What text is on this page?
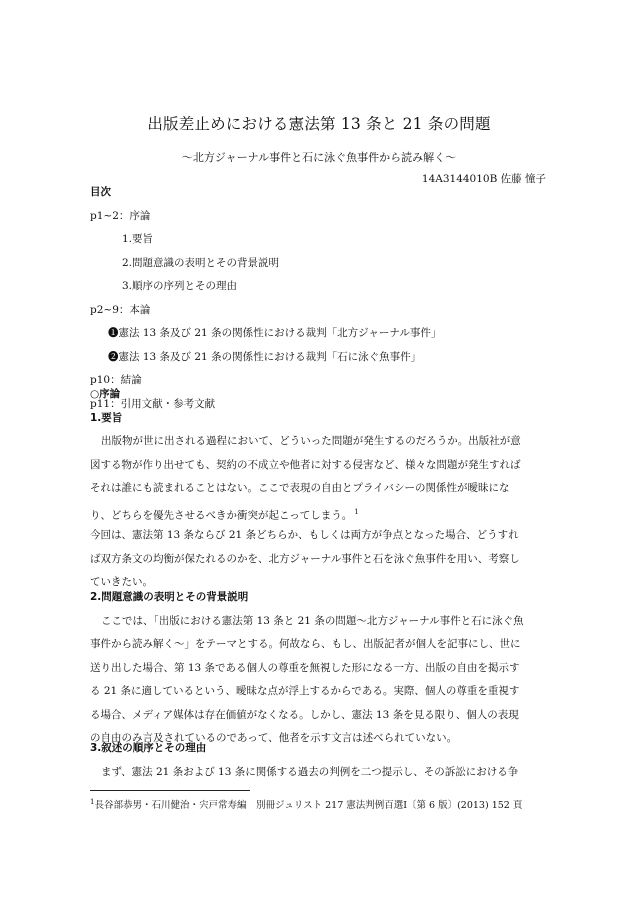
出版差止めにおける憲法第 13 条と 21 条の問題
〜北方ジャーナル事件と石に泳ぐ魚事件から読み解く〜
14A3144010B 佐藤 憧子
目次
p1~2：序論
1.要旨
2.問題意識の表明とその背景説明
3.順序の序列とその理由
p2~9：本論
❶憲法 13 条及び 21 条の関係性における裁判「北方ジャーナル事件」
❷憲法 13 条及び 21 条の関係性における裁判「石に泳ぐ魚事件」
p10：結論
p11：引用文献・参考文献
○序論
1.要旨
出版物が世に出される過程において、どういった問題が発生するのだろうか。出版社が意
図する物が作り出せても、契約の不成立や他者に対する侵害など、様々な問題が発生すれば
それは誰にも読まれることはない。ここで表現の自由とプライバシーの関係性が曖昧にな
り、どちらを優先させるべきか衝突が起こってしまう。 $^1$
今回は、憲法第 13 条ならび 21 条どちらか、もしくは両方が争点となった場合、どうすれ
ば双方条文の均衡が保たれるのかを、北方ジャーナル事件と石を泳ぐ魚事件を用い、考察し
ていきたい。
2.問題意識の表明とその背景説明
ここでは、「出版における憲法第 13 条と 21 条の問題〜北方ジャーナル事件と石に泳ぐ魚
事件から読み解く〜」をテーマとする。何故なら、もし、出版記者が個人を記事にし、世に
送り出した場合、第 13 条である個人の尊重を無視した形になる一方、出版の自由を掲示す
る 21 条に適しているという、曖昧な点が浮上するからである。実際、個人の尊重を重視す
る場合、メディア媒体は存在価値がなくなる。しかし、憲法 13 条を見る限り、個人の表現
の自由のみ言及されているのであって、他者を示す文言は述べられていない。
3.叙述の順序とその理由
まず、憲法 21 条および 13 条に関係する過去の判例を二つ提示し、その訴訟における争
$^1$長谷部恭男・石川健治・宍戸常寿編　別冊ジュリスト 217 憲法判例百選Ⅰ〔第 6 版〕(2013) 152 頁
